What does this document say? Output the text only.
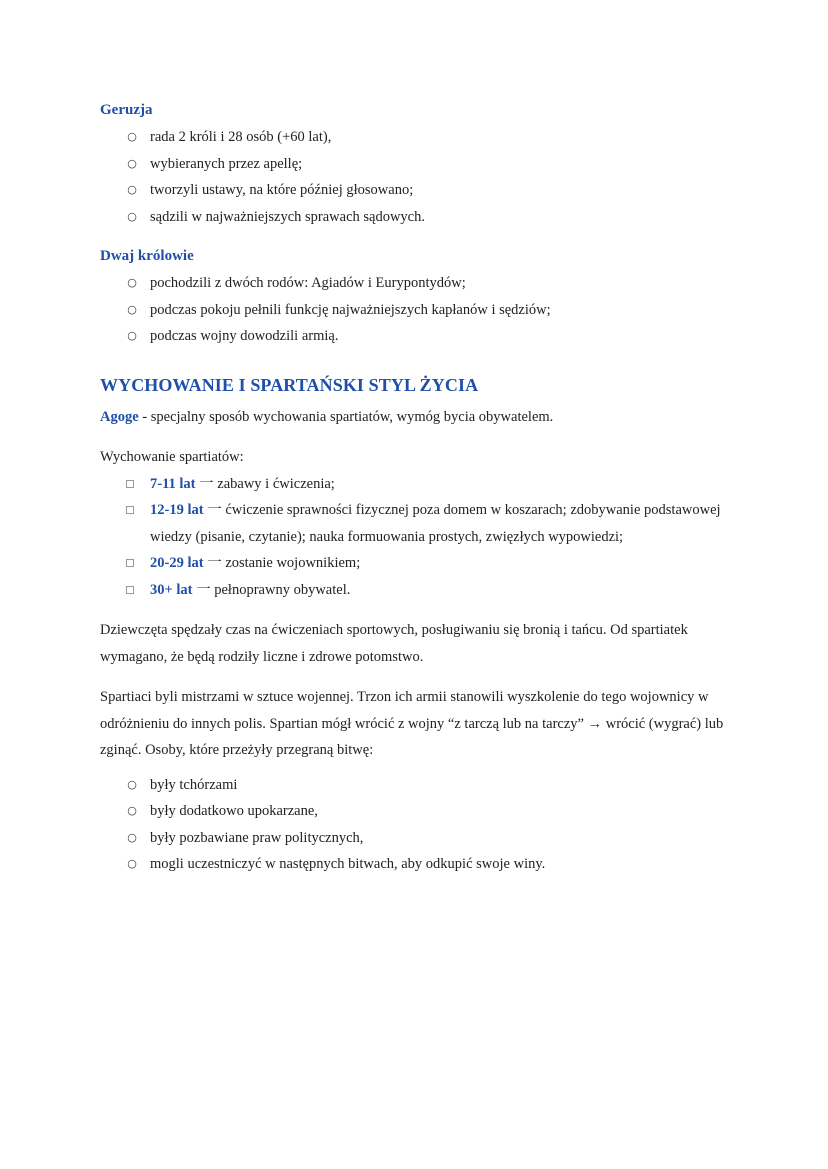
Geruzja
○ rada 2 króli i 28 osób (+60 lat),
○ wybieranych przez apellę;
○ tworzyli ustawy, na które później głosowano;
○ sądzili w najważniejszych sprawach sądowych.
Dwaj królowie
○ pochodzili z dwóch rodów: Agiadów i Eurypontydów;
○ podczas pokoju pełnili funkcję najważniejszych kapłanów i sędziów;
○ podczas wojny dowodzili armią.
WYCHOWANIE I SPARTAŃSKI STYL ŻYCIA

Agoge - specjalny sposób wychowania spartiatów, wymóg bycia obywatelem.

Wychowanie spartiatów:

7-11 lat 一 zabawy i ćwiczenia;
12-19 lat 一 ćwiczenie sprawności fizycznej poza domem w koszarach; zdobywanie podstawowej wiedzy (pisanie, czytanie); nauka formuowania prostych, zwięzłych wypowiedzi;
20-29 lat 一 zostanie wojownikiem;
30+ lat 一 pełnoprawny obywatel.

Dziewczęta spędzały czas na ćwiczeniach sportowych, posługiwaniu się bronią i tańcu. Od spartiatek wymagano, że będą rodziły liczne i zdrowe potomstwo.

Spartiaci byli mistrzami w sztuce wojennej. Trzon ich armii stanowili wyszkolenie do tego wojownicy w odróżnieniu do innych polis. Spartian mógł wrócić z wojny “z tarczą lub na tarczy” → wrócić (wygrać) lub zginąć. Osoby, które przeżyły przegraną bitwę:

○ były tchórzami
○ były dodatkowo upokarzane,
○ były pozbawiane praw politycznych,
○ mogli uczestniczyć w następnych bitwach, aby odkupić swoje winy.
